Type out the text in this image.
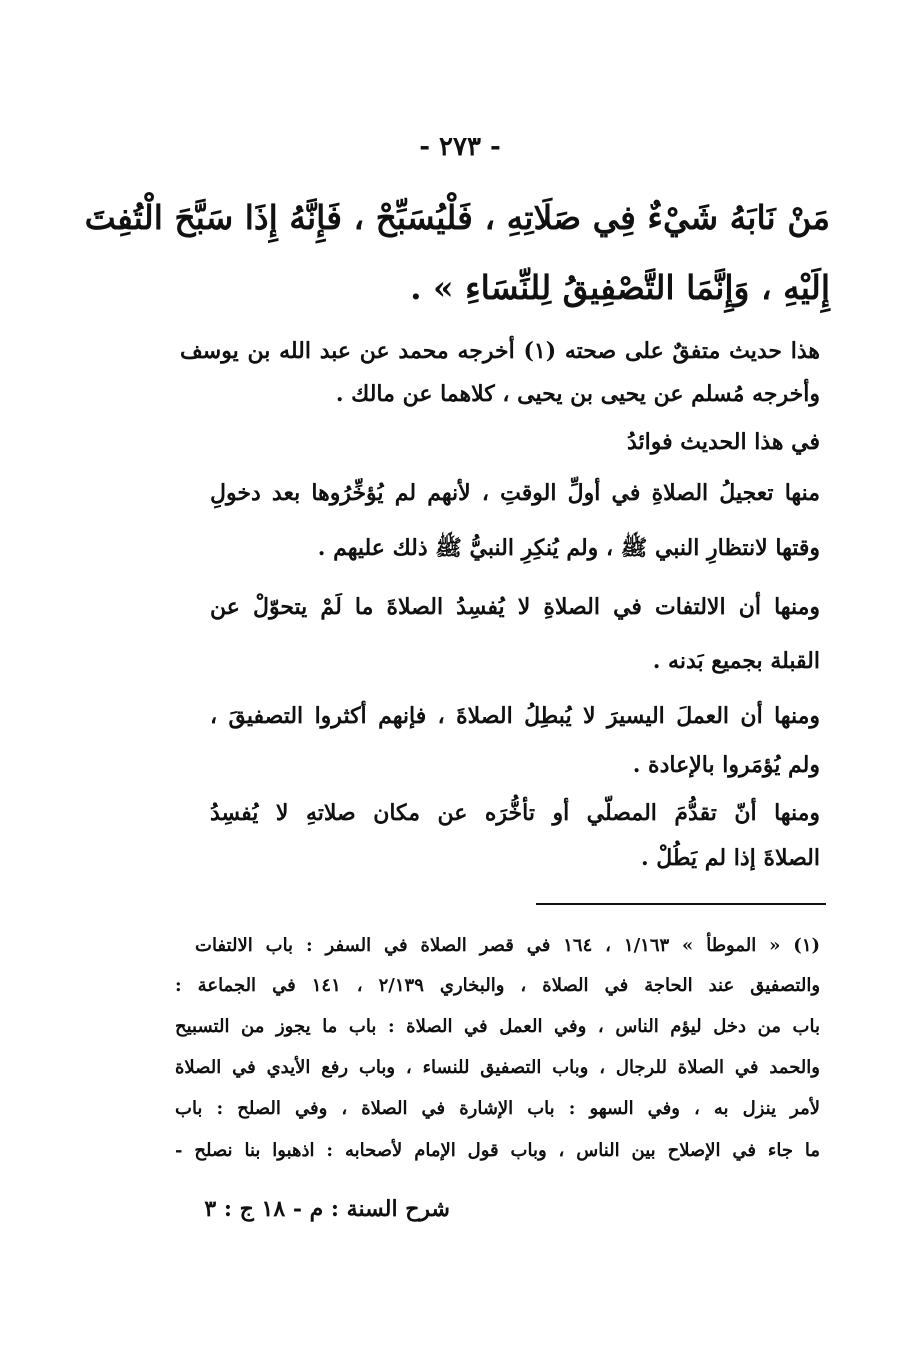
- ٢٧٣ -
مَنْ نَابَهُ شَيْءٌ فِي صَلَاتِهِ ، فَلْيُسَبِّحْ ، فَإِنَّهُ إِذَا سَبَّحَ الْتُفِتَ
إِلَيْهِ ، وَإِنَّمَا التَّصْفِيقُ لِلنِّسَاءِ » .
هذا حديث متفقٌ على صحته (١) أخرجه محمد عن عبد الله بن يوسف
وأخرجه مُسلم عن يحيى بن يحيى ، كلاهما عن مالك .
في هذا الحديث فوائدُ
منها تعجيلُ الصلاةِ في أولِّ الوقتِ ، لأنهم لم يُؤخِّرُوها بعد دخولِ
وقتها لانتظارِ النبي ﷺ ، ولم يُنكِرِ النبيُّ ﷺ ذلك عليهم .
ومنها أن الالتفات في الصلاةِ لا يُفسِدُ الصلاةَ ما لَمْ يتحوّلْ عن
القبلة بجميع بَدنه .
ومنها أن العملَ اليسيرَ لا يُبطِلُ الصلاةَ ، فإنهم أكثروا التصفيقَ ،
ولم يُؤمَروا بالإعادة .
ومنها أنّ تقدُّمَ المصلّي أو تأخُّرَه عن مكان صلاتهِ لا يُفسِدُ
الصلاةَ إذا لم يَطُلْ .
(١) « الموطأ » ١/١٦٣ ، ١٦٤ في قصر الصلاة في السفر : باب الالتفات
والتصفيق عند الحاجة في الصلاة ، والبخاري ٢/١٣٩ ، ١٤١ في الجماعة :
باب من دخل ليؤم الناس ، وفي العمل في الصلاة : باب ما يجوز من التسبيح
والحمد في الصلاة للرجال ، وباب التصفيق للنساء ، وباب رفع الأيدي في الصلاة
لأمر ينزل به ، وفي السهو : باب الإشارة في الصلاة ، وفي الصلح : باب
ما جاء في الإصلاح بين الناس ، وباب قول الإمام لأصحابه : اذهبوا بنا نصلح -
شرح السنة : م - ١٨ ج : ٣
